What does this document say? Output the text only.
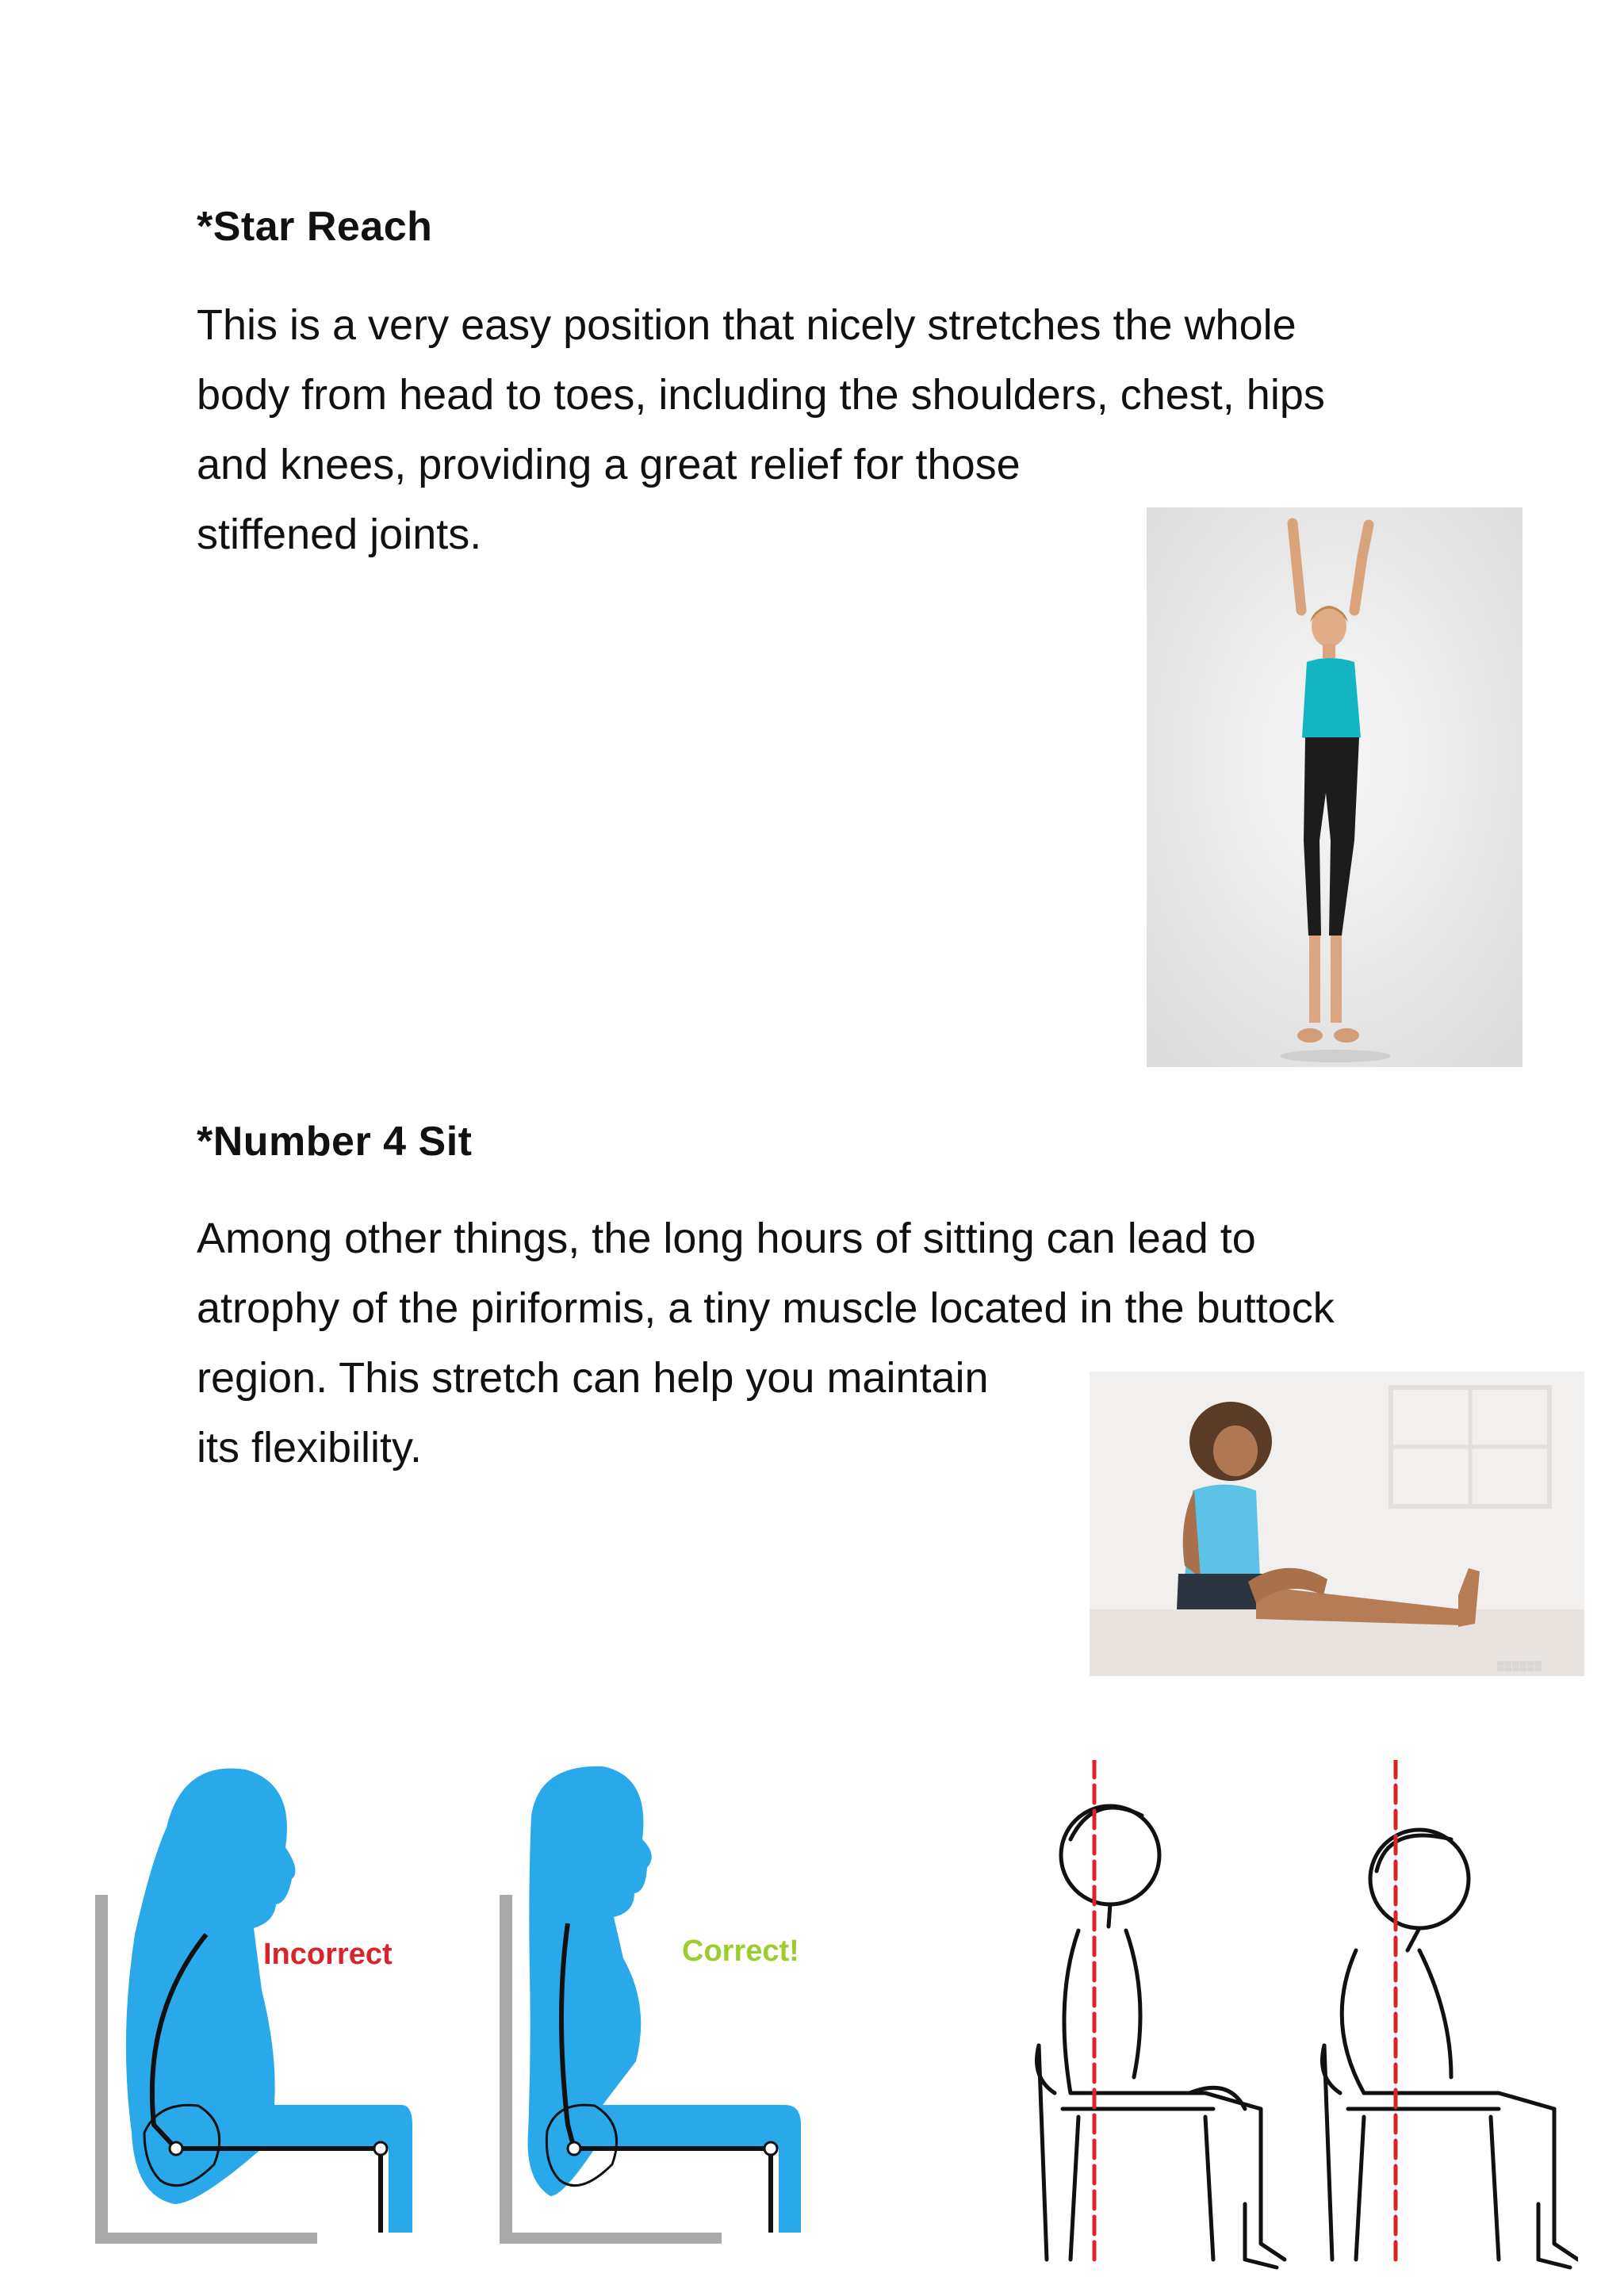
*Star Reach

This is a very easy position that nicely stretches the whole
body from head to toes, including the shoulders, chest, hips
and knees, providing a great relief for those
stiffened joints.

*Number 4 Sit

Among other things, the long hours of sitting can lead to
atrophy of the piriformis, a tiny muscle located in the buttock
region. This stretch can help you maintain
its flexibility.

▒▒▒▒▒▒
Incorrect	Correct!
